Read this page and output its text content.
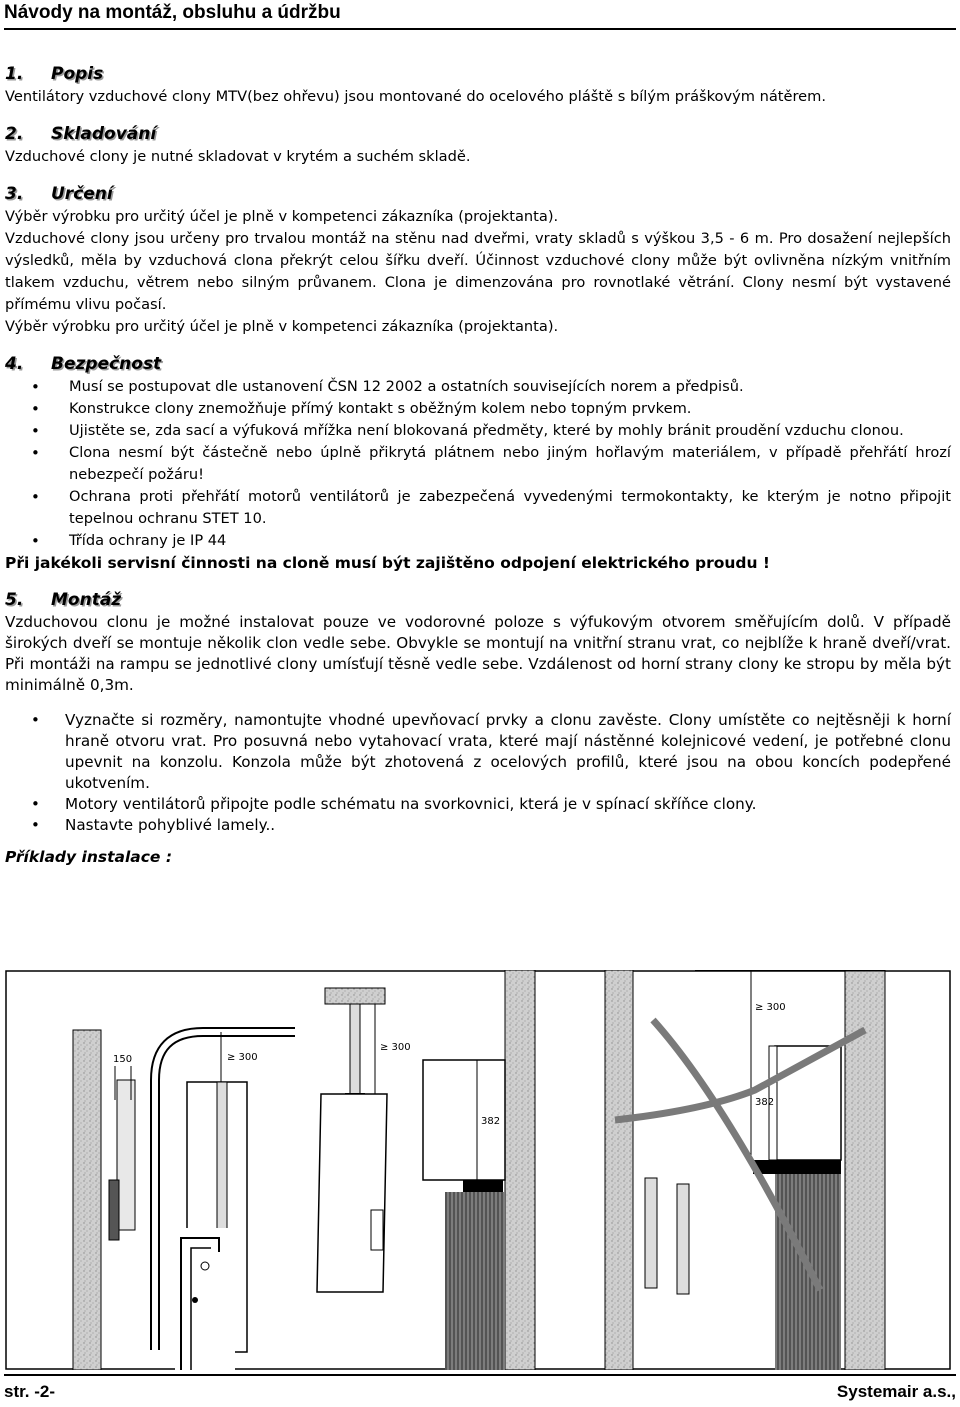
Návody na montáž, obsluhu a údržbu
1. Popis

Ventilátory vzduchové clony MTV(bez ohřevu) jsou montované do ocelového pláště s bílým práškovým nátěrem.

2. Skladování

Vzduchové clony je nutné skladovat v krytém a suchém skladě.

3. Určení

Výběr výrobku pro určitý účel je plně v kompetenci zákazníka (projektanta).

Vzduchové clony jsou určeny pro trvalou montáž na stěnu nad dveřmi, vraty skladů s výškou 3,5 - 6 m. Pro dosažení nejlepších výsledků, měla by vzduchová clona překrýt celou šířku dveří. Účinnost vzduchové clony může být ovlivněna nízkým vnitřním tlakem vzduchu, větrem nebo silným průvanem. Clona je dimenzována pro rovnotlaké větrání. Clony nesmí být vystavené přímému vlivu počasí.

Výběr výrobku pro určitý účel je plně v kompetenci zákazníka (projektanta).

4. Bezpečnost
• Musí se postupovat dle ustanovení ČSN 12 2002 a ostatních souvisejících norem a předpisů.
• Konstrukce clony znemožňuje přímý kontakt s oběžným kolem nebo topným prvkem.
• Ujistěte se, zda sací a výfuková mřížka není blokovaná předměty, které by mohly bránit proudění vzduchu clonou.
• Clona nesmí být částečně nebo úplně přikrytá plátnem nebo jiným hořlavým materiálem, v případě přehřátí hrozí nebezpečí požáru!
• Ochrana proti přehřátí motorů ventilátorů je zabezpečená vyvedenými termokontakty, ke kterým je notno připojit tepelnou ochranu STET 10.
• Třída ochrany je IP 44

Při jakékoli servisní činnosti na cloně musí být zajištěno odpojení elektrického proudu !

5. Montáž

Vzduchovou clonu je možné instalovat pouze ve vodorovné poloze s výfukovým otvorem směřujícím dolů. V případě širokých dveří se montuje několik clon vedle sebe. Obvykle se montují na vnitřní stranu vrat, co nejblíže k hraně dveří/vrat. Při montáži na rampu se jednotlivé clony umísťují těsně vedle sebe. Vzdálenost od horní strany clony ke stropu by měla být minimálně 0,3m.

• Vyznačte si rozměry, namontujte vhodné upevňovací prvky a clonu zavěste. Clony umístěte co nejtěsněji k horní hraně otvoru vrat. Pro posuvná nebo vytahovací vrata, které mají nástěnné kolejnicové vedení, je potřebné clonu upevnit na konzolu. Konzola může být zhotovená z ocelových profilů, které jsou na obou koncích podepřené ukotvením.
• Motory ventilátorů připojte podle schématu na svorkovnici, která je v spínací skříňce clony.
• Nastavte pohyblivé lamely..
Příklady instalace :
150	≥ 300
≥ 300
382
≥ 300
382
str. -2-	Systemair a.s.,
